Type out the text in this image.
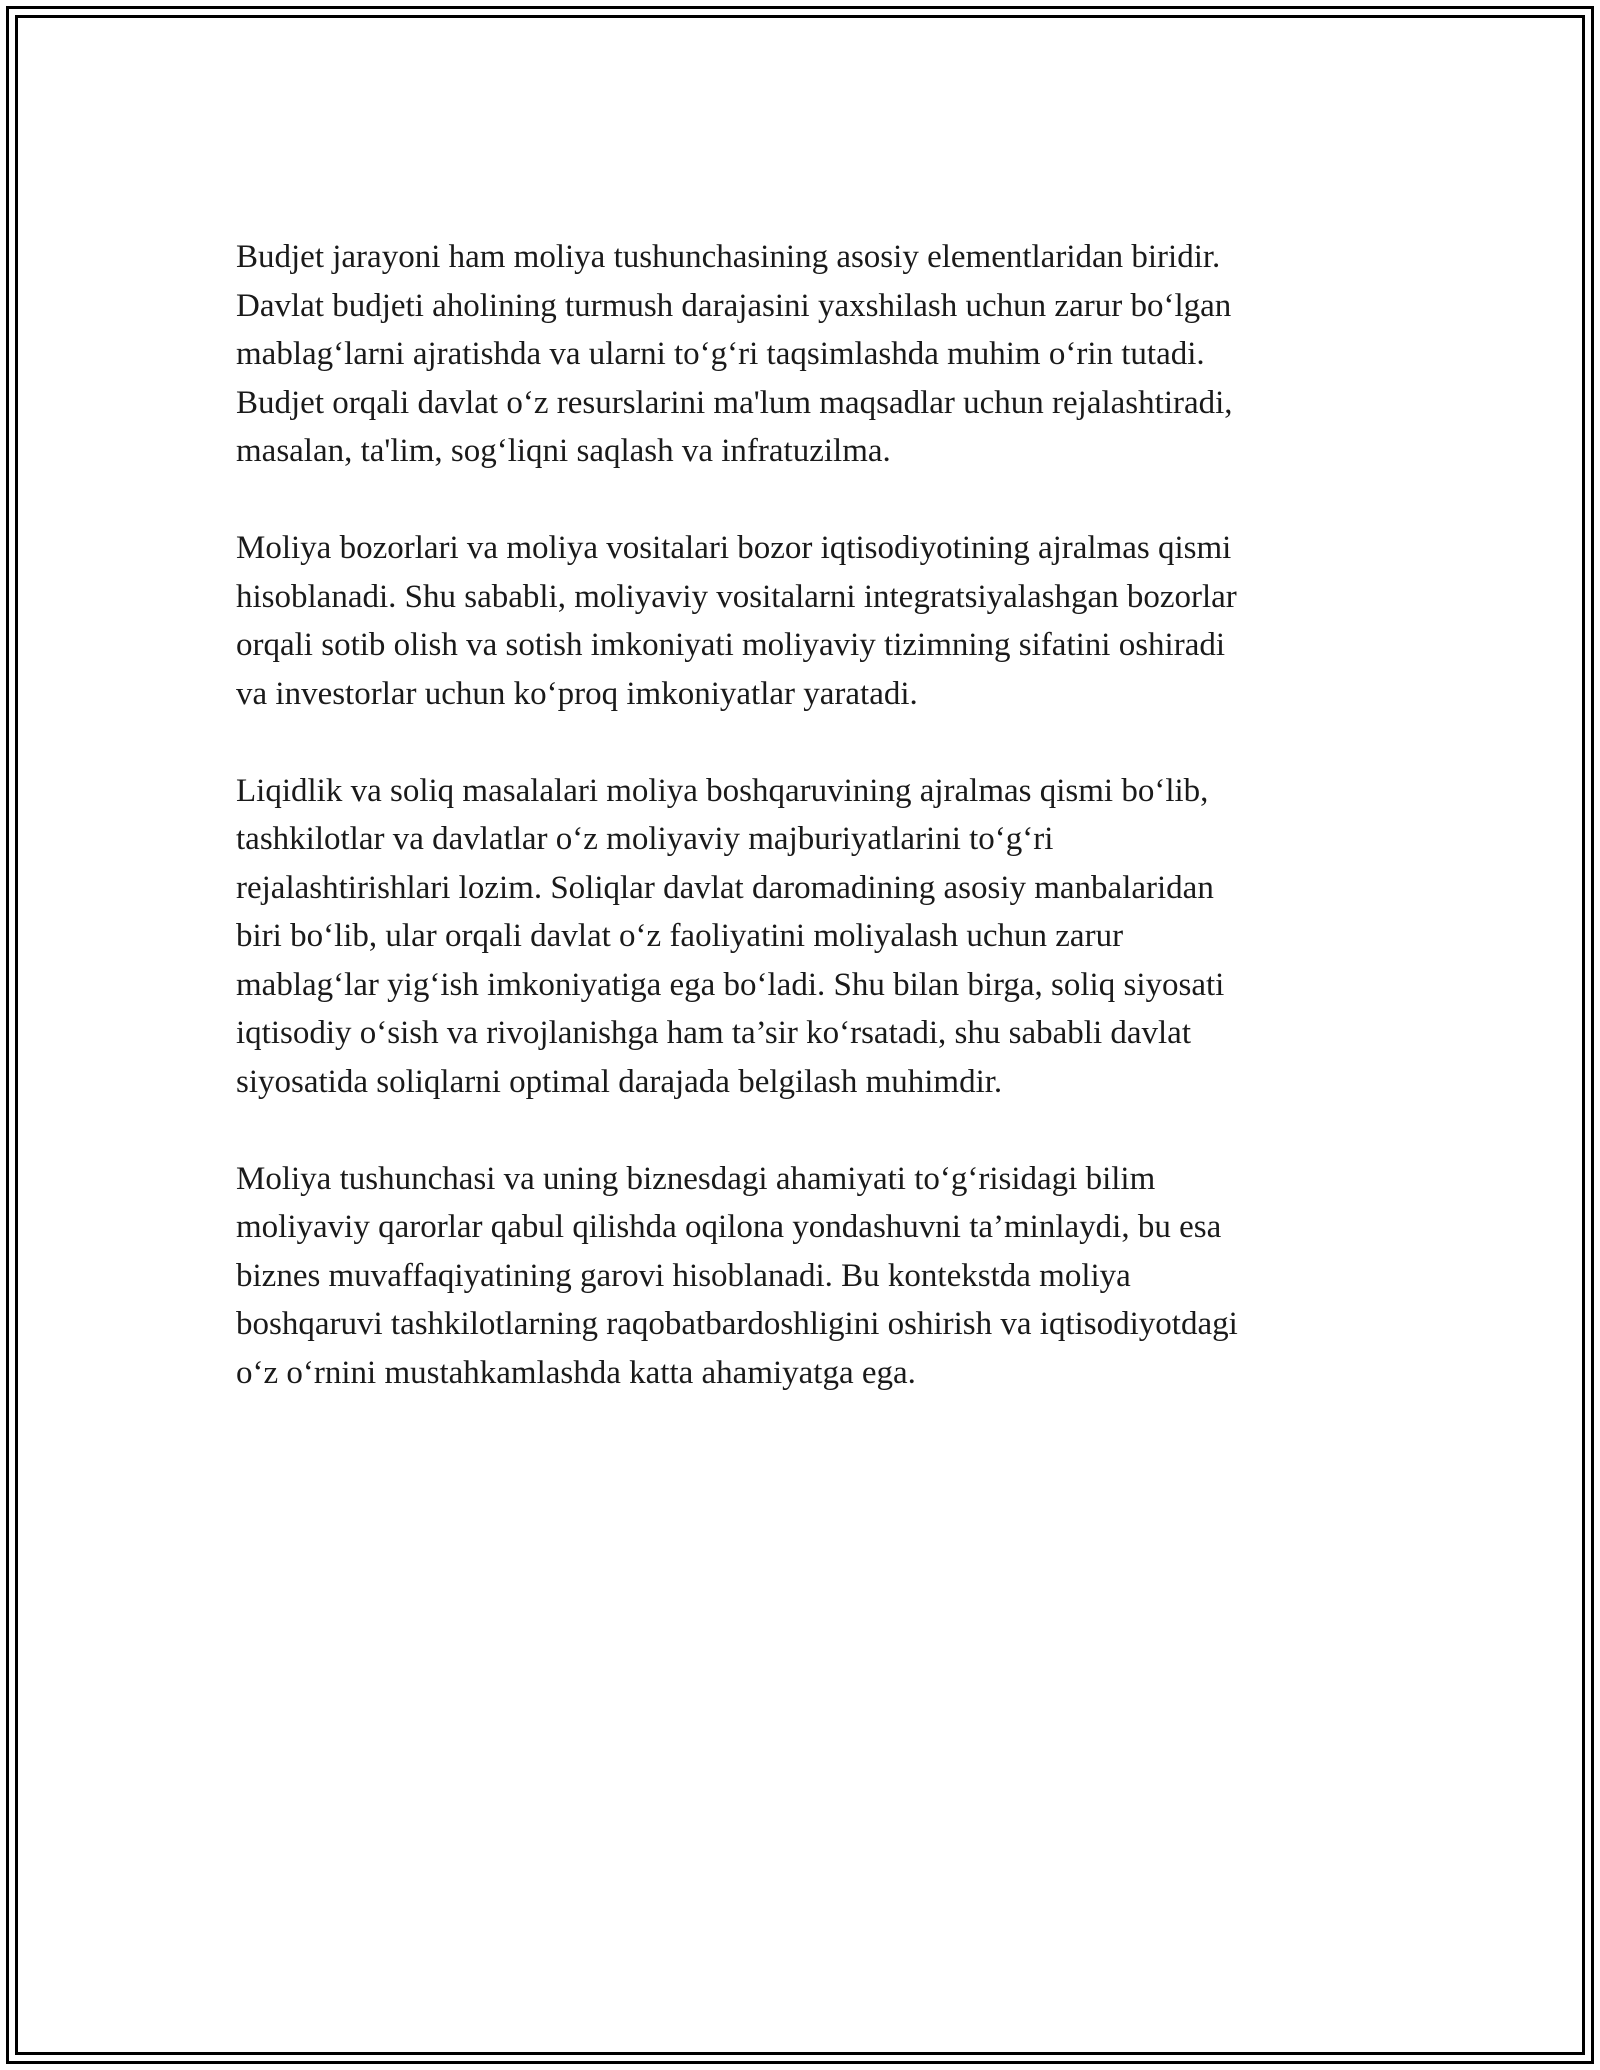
Budjet jarayoni ham moliya tushunchasining asosiy elementlaridan biridir.
Davlat budjeti aholining turmush darajasini yaxshilash uchun zarur bo‘lgan
mablag‘larni ajratishda va ularni to‘g‘ri taqsimlashda muhim o‘rin tutadi.
Budjet orqali davlat o‘z resurslarini ma'lum maqsadlar uchun rejalashtiradi,
masalan, ta'lim, sog‘liqni saqlash va infratuzilma.

Moliya bozorlari va moliya vositalari bozor iqtisodiyotining ajralmas qismi
hisoblanadi. Shu sababli, moliyaviy vositalarni integratsiyalashgan bozorlar
orqali sotib olish va sotish imkoniyati moliyaviy tizimning sifatini oshiradi
va investorlar uchun ko‘proq imkoniyatlar yaratadi.

Liqidlik va soliq masalalari moliya boshqaruvining ajralmas qismi bo‘lib,
tashkilotlar va davlatlar o‘z moliyaviy majburiyatlarini to‘g‘ri
rejalashtirishlari lozim. Soliqlar davlat daromadining asosiy manbalaridan
biri bo‘lib, ular orqali davlat o‘z faoliyatini moliyalash uchun zarur
mablag‘lar yig‘ish imkoniyatiga ega bo‘ladi. Shu bilan birga, soliq siyosati
iqtisodiy o‘sish va rivojlanishga ham ta’sir ko‘rsatadi, shu sababli davlat
siyosatida soliqlarni optimal darajada belgilash muhimdir.

Moliya tushunchasi va uning biznesdagi ahamiyati to‘g‘risidagi bilim
moliyaviy qarorlar qabul qilishda oqilona yondashuvni ta’minlaydi, bu esa
biznes muvaffaqiyatining garovi hisoblanadi. Bu kontekstda moliya
boshqaruvi tashkilotlarning raqobatbardoshligini oshirish va iqtisodiyotdagi
o‘z o‘rnini mustahkamlashda katta ahamiyatga ega.
